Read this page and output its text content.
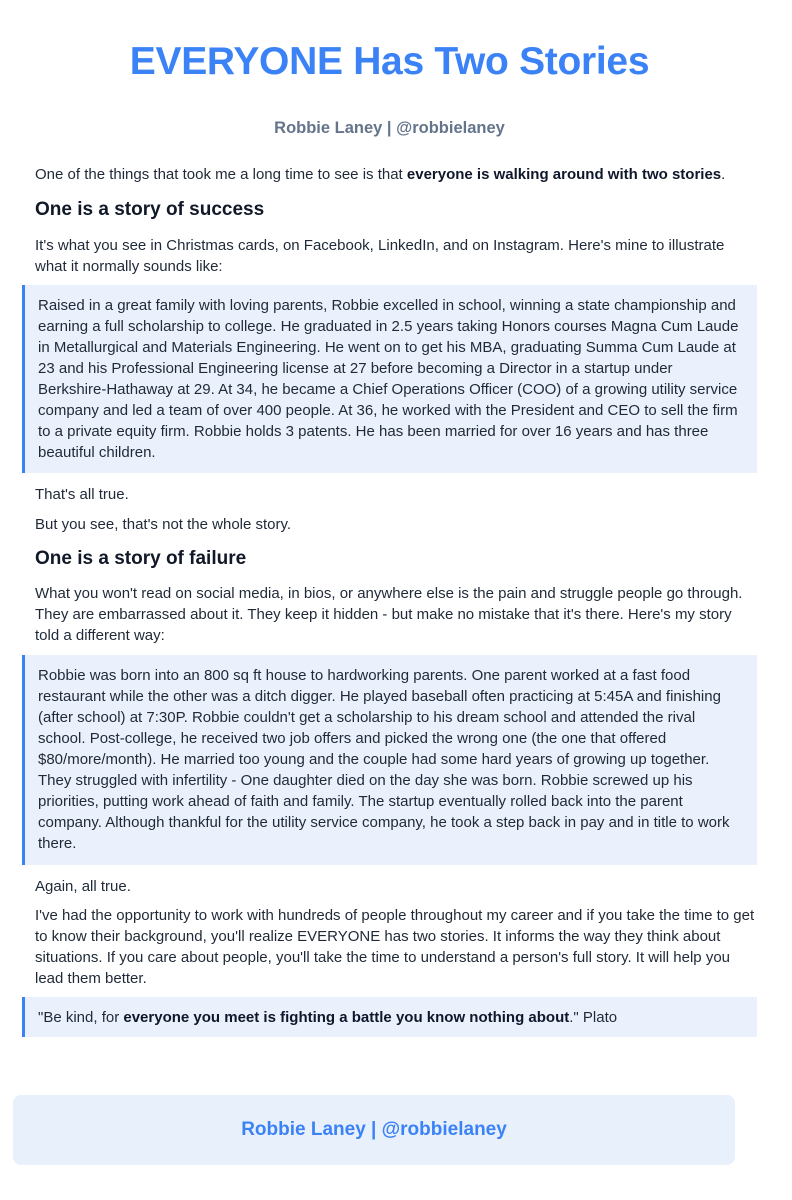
EVERYONE Has Two Stories
Robbie Laney | @robbielaney

One of the things that took me a long time to see is that everyone is walking around with two stories.

One is a story of success

It's what you see in Christmas cards, on Facebook, LinkedIn, and on Instagram. Here's mine to illustrate what it normally sounds like:

Raised in a great family with loving parents, Robbie excelled in school, winning a state championship and earning a full scholarship to college. He graduated in 2.5 years taking Honors courses Magna Cum Laude in Metallurgical and Materials Engineering. He went on to get his MBA, graduating Summa Cum Laude at 23 and his Professional Engineering license at 27 before becoming a Director in a startup under Berkshire-Hathaway at 29. At 34, he became a Chief Operations Officer (COO) of a growing utility service company and led a team of over 400 people. At 36, he worked with the President and CEO to sell the firm to a private equity firm. Robbie holds 3 patents. He has been married for over 16 years and has three beautiful children.

That's all true.

But you see, that's not the whole story.

One is a story of failure

What you won't read on social media, in bios, or anywhere else is the pain and struggle people go through. They are embarrassed about it. They keep it hidden - but make no mistake that it's there. Here's my story told a different way:

Robbie was born into an 800 sq ft house to hardworking parents. One parent worked at a fast food restaurant while the other was a ditch digger. He played baseball often practicing at 5:45A and finishing (after school) at 7:30P. Robbie couldn't get a scholarship to his dream school and attended the rival school. Post-college, he received two job offers and picked the wrong one (the one that offered $80/more/month). He married too young and the couple had some hard years of growing up together. They struggled with infertility - One daughter died on the day she was born. Robbie screwed up his priorities, putting work ahead of faith and family. The startup eventually rolled back into the parent company. Although thankful for the utility service company, he took a step back in pay and in title to work there.

Again, all true.

I've had the opportunity to work with hundreds of people throughout my career and if you take the time to get to know their background, you'll realize EVERYONE has two stories. It informs the way they think about situations. If you care about people, you'll take the time to understand a person's full story. It will help you lead them better.

"Be kind, for everyone you meet is fighting a battle you know nothing about." Plato
Robbie Laney | @robbielaney
